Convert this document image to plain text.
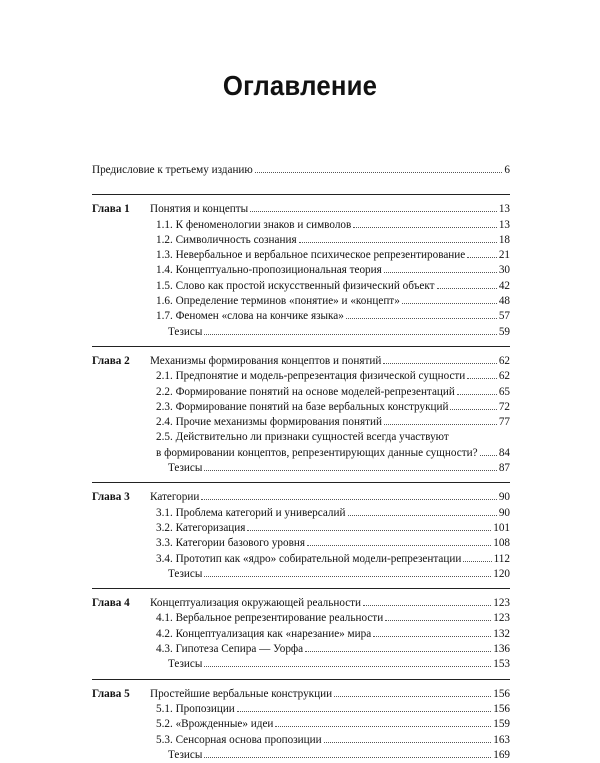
Оглавление
Предисловие к третьему изданию	6
Глава 1 Понятия и концепты	13
1.1. К феноменологии знаков и символов	13
1.2. Символичность сознания	18
1.3. Невербальное и вербальное психическое репрезентирование	21
1.4. Концептуально-пропозициональная теория	30
1.5. Слово как простой искусственный физический объект	42
1.6. Определение терминов «понятие» и «концепт»	48
1.7. Феномен «слова на кончике языка»	57
Тезисы	59
Глава 2 Механизмы формирования концептов и понятий	62
2.1. Предпонятие и модель-репрезентация физической сущности	62
2.2. Формирование понятий на основе моделей-репрезентаций	65
2.3. Формирование понятий на базе вербальных конструкций	72
2.4. Прочие механизмы формирования понятий	77
2.5. Действительно ли признаки сущностей всегда участвуют
в формировании концептов, репрезентирующих данные сущности? 84
Тезисы	87
Глава 3 Категории	90
3.1. Проблема категорий и универсалий	90
3.2. Категоризация	101
3.3. Категории базового уровня	108
3.4. Прототип как «ядро» собирательной модели-репрезентации	112
Тезисы	120
Глава 4 Концептуализация окружающей реальности	123
4.1. Вербальное репрезентирование реальности	123
4.2. Концептуализация как «нарезание» мира	132
4.3. Гипотеза Сепира — Уорфа	136
Тезисы	153
Глава 5 Простейшие вербальные конструкции	156
5.1. Пропозиции	156
5.2. «Врожденные» идеи	159
5.3. Сенсорная основа пропозиции	163
Тезисы	169
